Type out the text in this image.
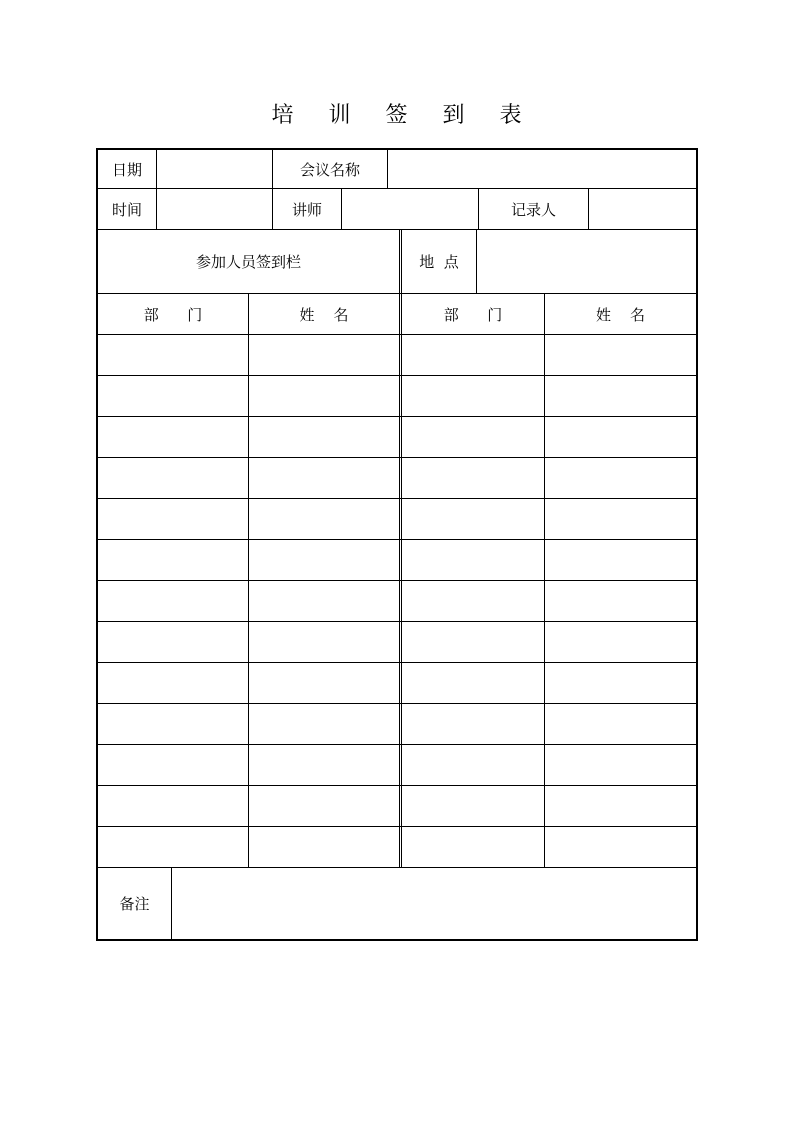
培 训 签 到 表
日期	会议名称
时间	讲师	记录人
参加人员签到栏	地  点
部      门	姓    名	部      门	姓    名
备注
